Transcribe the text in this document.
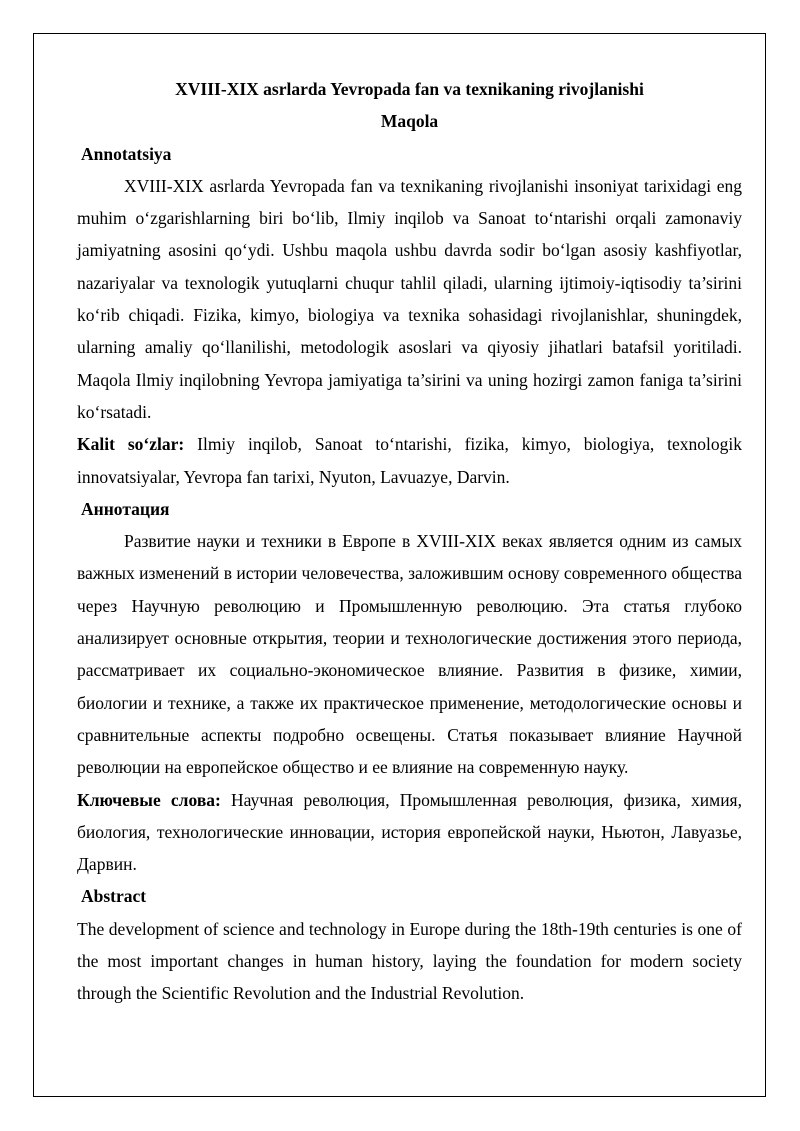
XVIII-XIX asrlarda Yevropada fan va texnikaning rivojlanishi

Maqola

Annotatsiya

XVIII-XIX asrlarda Yevropada fan va texnikaning rivojlanishi insoniyat tarixidagi eng muhim o‘zgarishlarning biri bo‘lib, Ilmiy inqilob va Sanoat to‘ntarishi orqali zamonaviy jamiyatning asosini qo‘ydi. Ushbu maqola ushbu davrda sodir bo‘lgan asosiy kashfiyotlar, nazariyalar va texnologik yutuqlarni chuqur tahlil qiladi, ularning ijtimoiy-iqtisodiy ta’sirini ko‘rib chiqadi. Fizika, kimyo, biologiya va texnika sohasidagi rivojlanishlar, shuningdek, ularning amaliy qo‘llanilishi, metodologik asoslari va qiyosiy jihatlari batafsil yoritiladi. Maqola Ilmiy inqilobning Yevropa jamiyatiga ta’sirini va uning hozirgi zamon faniga ta’sirini ko‘rsatadi.

Kalit so‘zlar: Ilmiy inqilob, Sanoat to‘ntarishi, fizika, kimyo, biologiya, texnologik innovatsiyalar, Yevropa fan tarixi, Nyuton, Lavuazye, Darvin.

Аннотация

Развитие науки и техники в Европе в XVIII-XIX веках является одним из самых важных изменений в истории человечества, заложившим основу современного общества через Научную революцию и Промышленную революцию. Эта статья глубоко анализирует основные открытия, теории и технологические достижения этого периода, рассматривает их социально-экономическое влияние. Развития в физике, химии, биологии и технике, а также их практическое применение, методологические основы и сравнительные аспекты подробно освещены. Статья показывает влияние Научной революции на европейское общество и ее влияние на современную науку.

Ключевые слова: Научная революция, Промышленная революция, физика, химия, биология, технологические инновации, история европейской науки, Ньютон, Лавуазье, Дарвин.

Abstract

The development of science and technology in Europe during the 18th-19th centuries is one of the most important changes in human history, laying the foundation for modern society through the Scientific Revolution and the Industrial Revolution.
